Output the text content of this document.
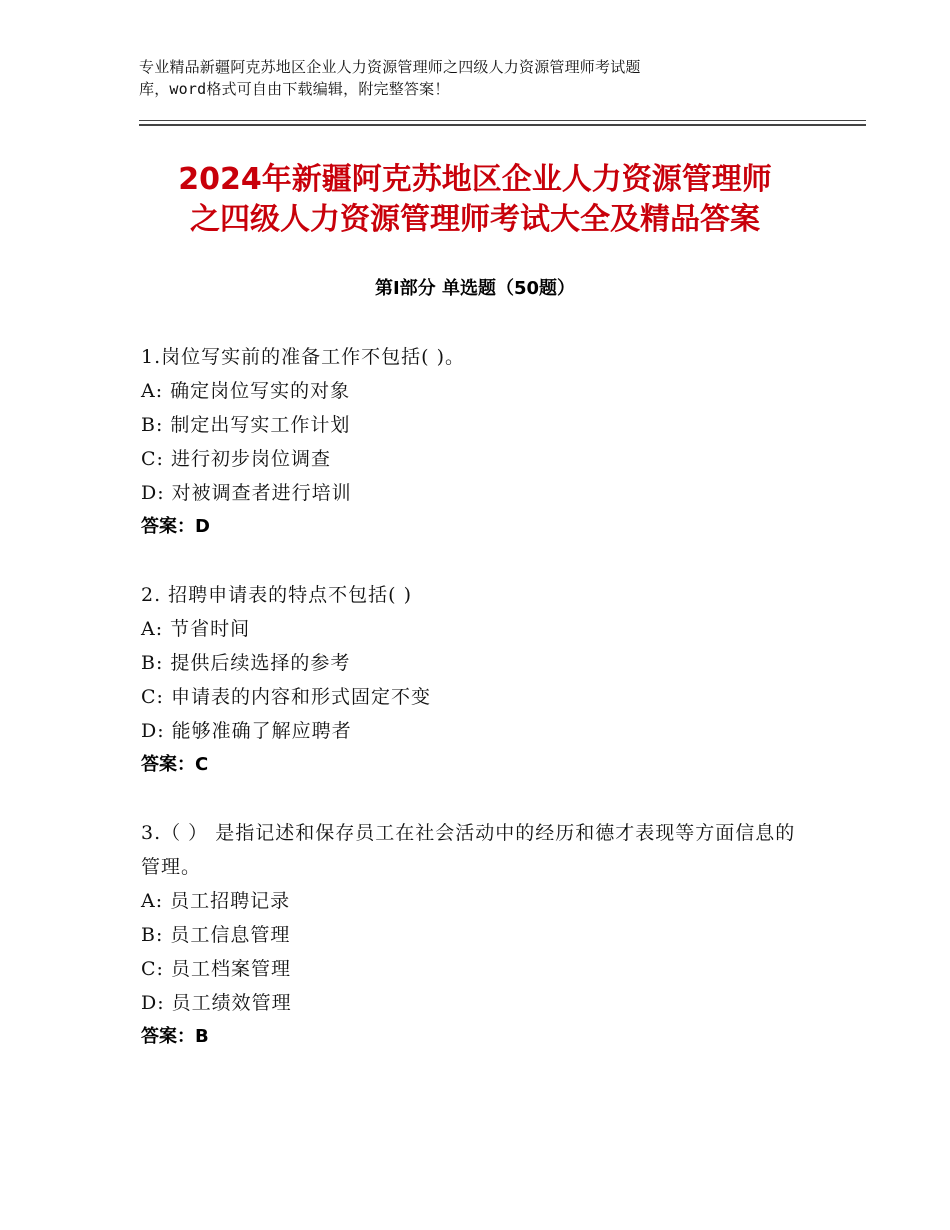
专业精品新疆阿克苏地区企业人力资源管理师之四级人力资源管理师考试题
库，word格式可自由下载编辑，附完整答案！
2024年新疆阿克苏地区企业人力资源管理师
之四级人力资源管理师考试大全及精品答案
第Ⅰ部分 单选题（50题）
1.岗位写实前的准备工作不包括( )。
A: 确定岗位写实的对象
B: 制定出写实工作计划
C: 进行初步岗位调查
D: 对被调查者进行培训
答案：D
2. 招聘申请表的特点不包括( )
A: 节省时间
B: 提供后续选择的参考
C: 申请表的内容和形式固定不变
D: 能够准确了解应聘者
答案：C
3.（ ） 是指记述和保存员工在社会活动中的经历和德才表现等方面信息的管理。
A: 员工招聘记录
B: 员工信息管理
C: 员工档案管理
D: 员工绩效管理
答案：B
